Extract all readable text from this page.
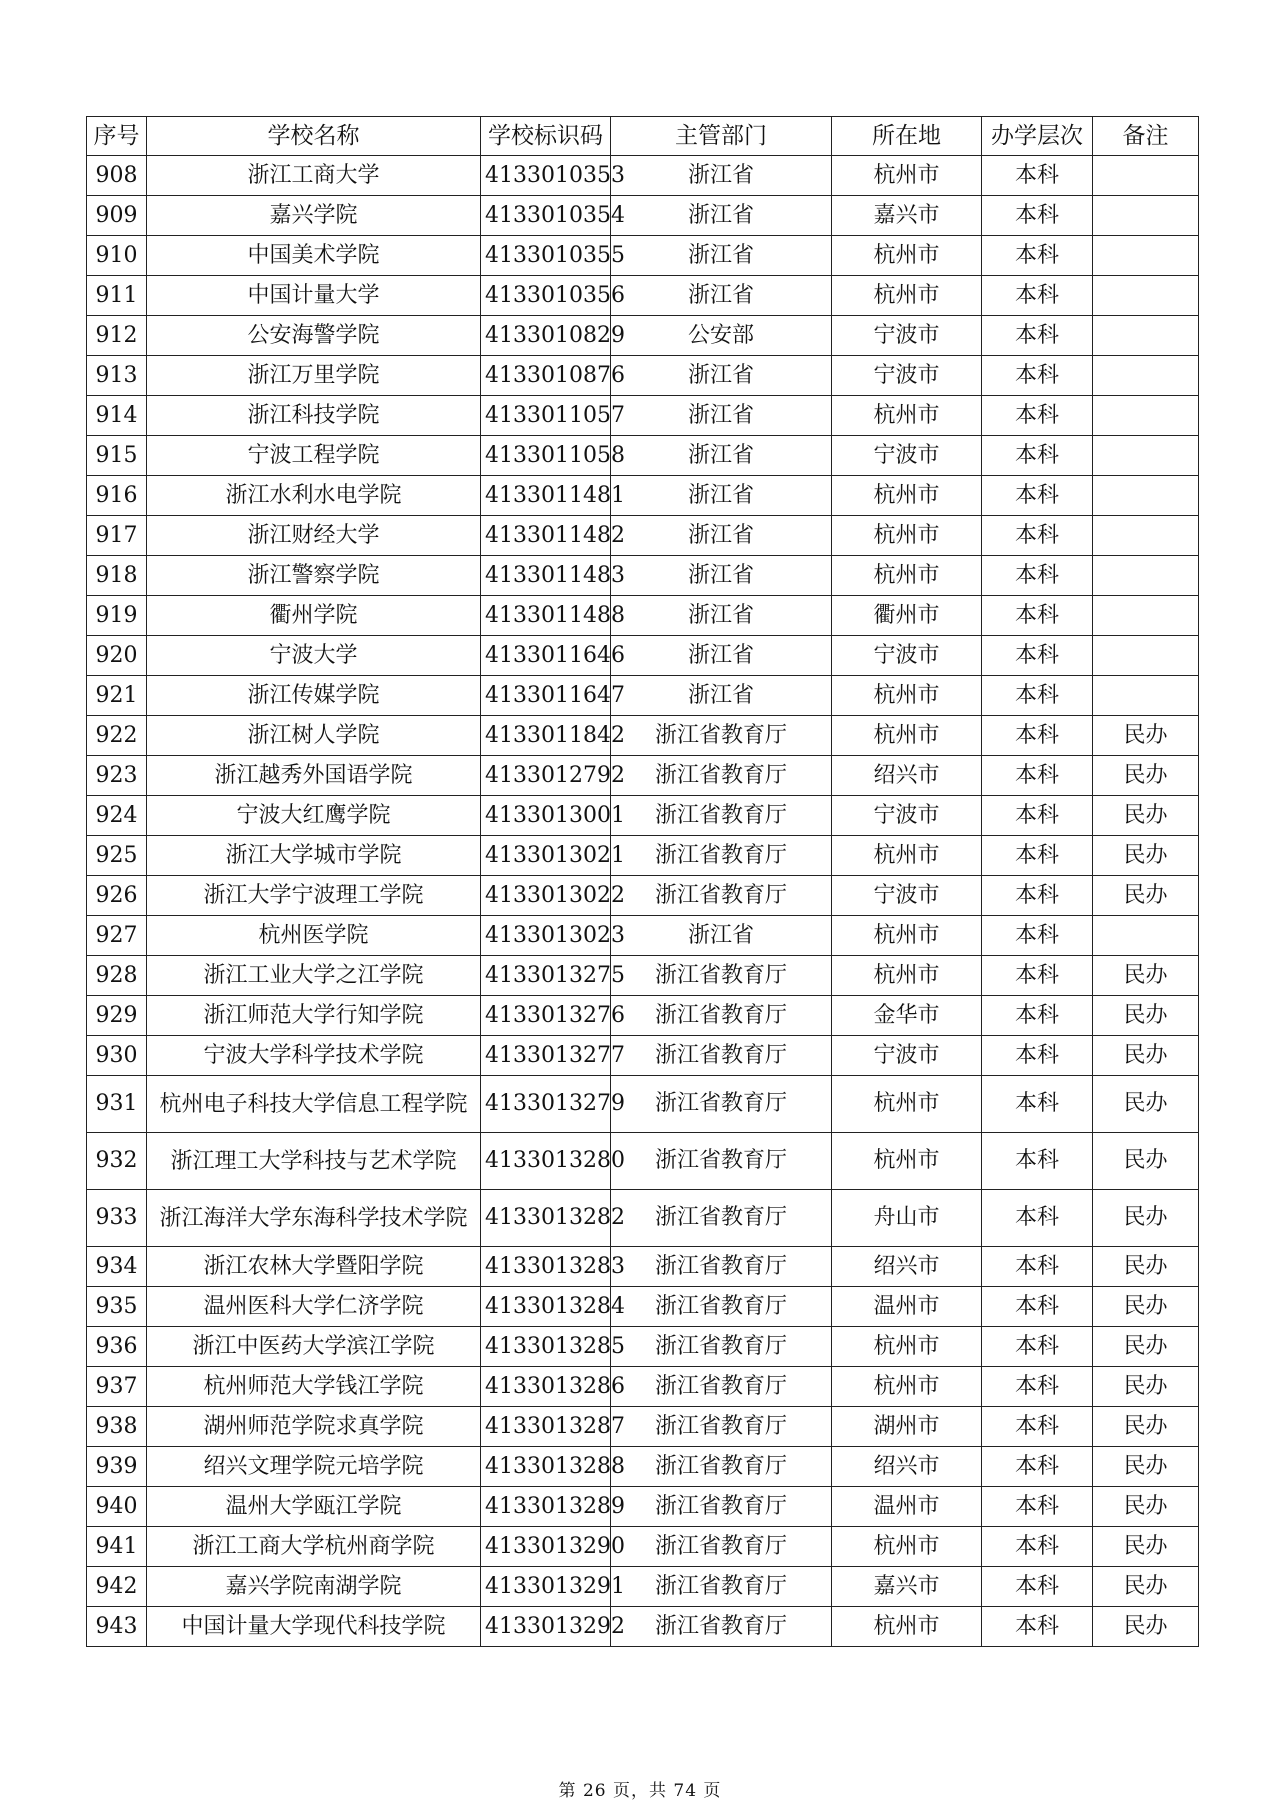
序号	学校名称	学校标识码	主管部门	所在地	办学层次	备注
908	浙江工商大学	4133010353	浙江省	杭州市	本科	
909	嘉兴学院	4133010354	浙江省	嘉兴市	本科	
910	中国美术学院	4133010355	浙江省	杭州市	本科	
911	中国计量大学	4133010356	浙江省	杭州市	本科	
912	公安海警学院	4133010829	公安部	宁波市	本科	
913	浙江万里学院	4133010876	浙江省	宁波市	本科	
914	浙江科技学院	4133011057	浙江省	杭州市	本科	
915	宁波工程学院	4133011058	浙江省	宁波市	本科	
916	浙江水利水电学院	4133011481	浙江省	杭州市	本科	
917	浙江财经大学	4133011482	浙江省	杭州市	本科	
918	浙江警察学院	4133011483	浙江省	杭州市	本科	
919	衢州学院	4133011488	浙江省	衢州市	本科	
920	宁波大学	4133011646	浙江省	宁波市	本科	
921	浙江传媒学院	4133011647	浙江省	杭州市	本科	
922	浙江树人学院	4133011842	浙江省教育厅	杭州市	本科	民办
923	浙江越秀外国语学院	4133012792	浙江省教育厅	绍兴市	本科	民办
924	宁波大红鹰学院	4133013001	浙江省教育厅	宁波市	本科	民办
925	浙江大学城市学院	4133013021	浙江省教育厅	杭州市	本科	民办
926	浙江大学宁波理工学院	4133013022	浙江省教育厅	宁波市	本科	民办
927	杭州医学院	4133013023	浙江省	杭州市	本科	
928	浙江工业大学之江学院	4133013275	浙江省教育厅	杭州市	本科	民办
929	浙江师范大学行知学院	4133013276	浙江省教育厅	金华市	本科	民办
930	宁波大学科学技术学院	4133013277	浙江省教育厅	宁波市	本科	民办
931	杭州电子科技大学信息工程学院	4133013279	浙江省教育厅	杭州市	本科	民办
932	浙江理工大学科技与艺术学院	4133013280	浙江省教育厅	杭州市	本科	民办
933	浙江海洋大学东海科学技术学院	4133013282	浙江省教育厅	舟山市	本科	民办
934	浙江农林大学暨阳学院	4133013283	浙江省教育厅	绍兴市	本科	民办
935	温州医科大学仁济学院	4133013284	浙江省教育厅	温州市	本科	民办
936	浙江中医药大学滨江学院	4133013285	浙江省教育厅	杭州市	本科	民办
937	杭州师范大学钱江学院	4133013286	浙江省教育厅	杭州市	本科	民办
938	湖州师范学院求真学院	4133013287	浙江省教育厅	湖州市	本科	民办
939	绍兴文理学院元培学院	4133013288	浙江省教育厅	绍兴市	本科	民办
940	温州大学瓯江学院	4133013289	浙江省教育厅	温州市	本科	民办
941	浙江工商大学杭州商学院	4133013290	浙江省教育厅	杭州市	本科	民办
942	嘉兴学院南湖学院	4133013291	浙江省教育厅	嘉兴市	本科	民办
943	中国计量大学现代科技学院	4133013292	浙江省教育厅	杭州市	本科	民办
第 26 页，共 74 页
